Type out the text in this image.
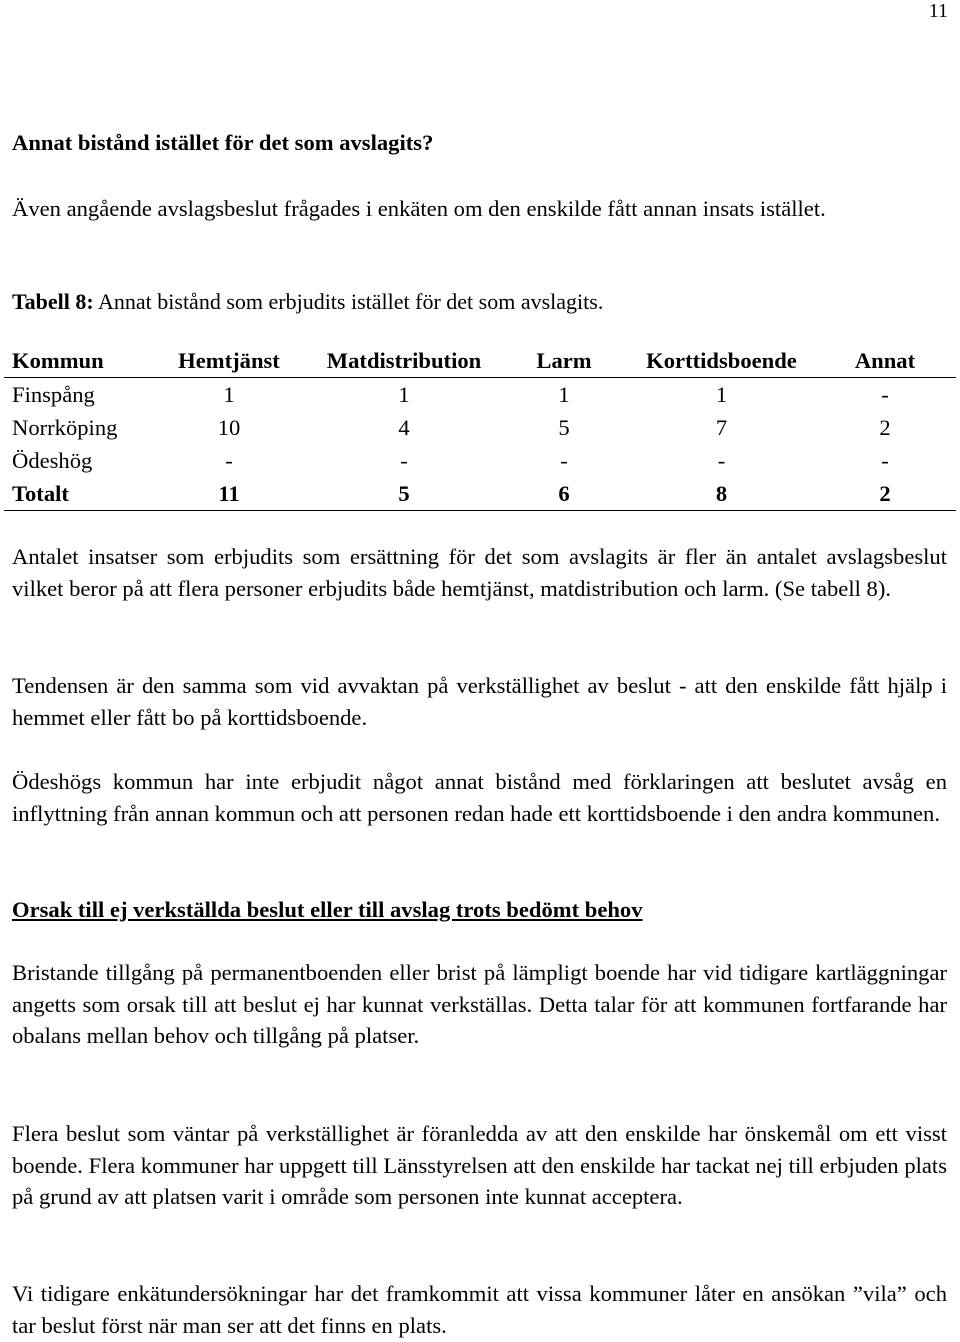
11
Annat bistånd istället för det som avslagits?

Även angående avslagsbeslut frågades i enkäten om den enskilde fått annan insats istället.

Tabell 8: Annat bistånd som erbjudits istället för det som avslagits.
Kommun	Hemtjänst	Matdistribution	Larm	Korttidsboende	Annat
Finspång	1	1	1	1	-
Norrköping	10	4	5	7	2
Ödeshög	-	-	-	-	-
Totalt	11	5	6	8	2

Antalet insatser som erbjudits som ersättning för det som avslagits är fler än antalet avslagsbeslut vilket beror på att flera personer erbjudits både hemtjänst, matdistribution och larm. (Se tabell 8).

Tendensen är den samma som vid avvaktan på verkställighet av beslut - att den enskilde fått hjälp i hemmet eller fått bo på korttidsboende.

Ödeshögs kommun har inte erbjudit något annat bistånd med förklaringen att beslutet avsåg en inflyttning från annan kommun och att personen redan hade ett korttidsboende i den andra kommunen.

Orsak till ej verkställda beslut eller till avslag trots bedömt behov

Bristande tillgång på permanentboenden eller brist på lämpligt boende har vid tidigare kartläggningar angetts som orsak till att beslut ej har kunnat verkställas. Detta talar för att kommunen fortfarande har obalans mellan behov och tillgång på platser.

Flera beslut som väntar på verkställighet är föranledda av att den enskilde har önskemål om ett visst boende. Flera kommuner har uppgett till Länsstyrelsen att den enskilde har tackat nej till erbjuden plats på grund av att platsen varit i område som personen inte kunnat acceptera.

Vi tidigare enkätundersökningar har det framkommit att vissa kommuner låter en ansökan ”vila” och tar beslut först när man ser att det finns en plats.
